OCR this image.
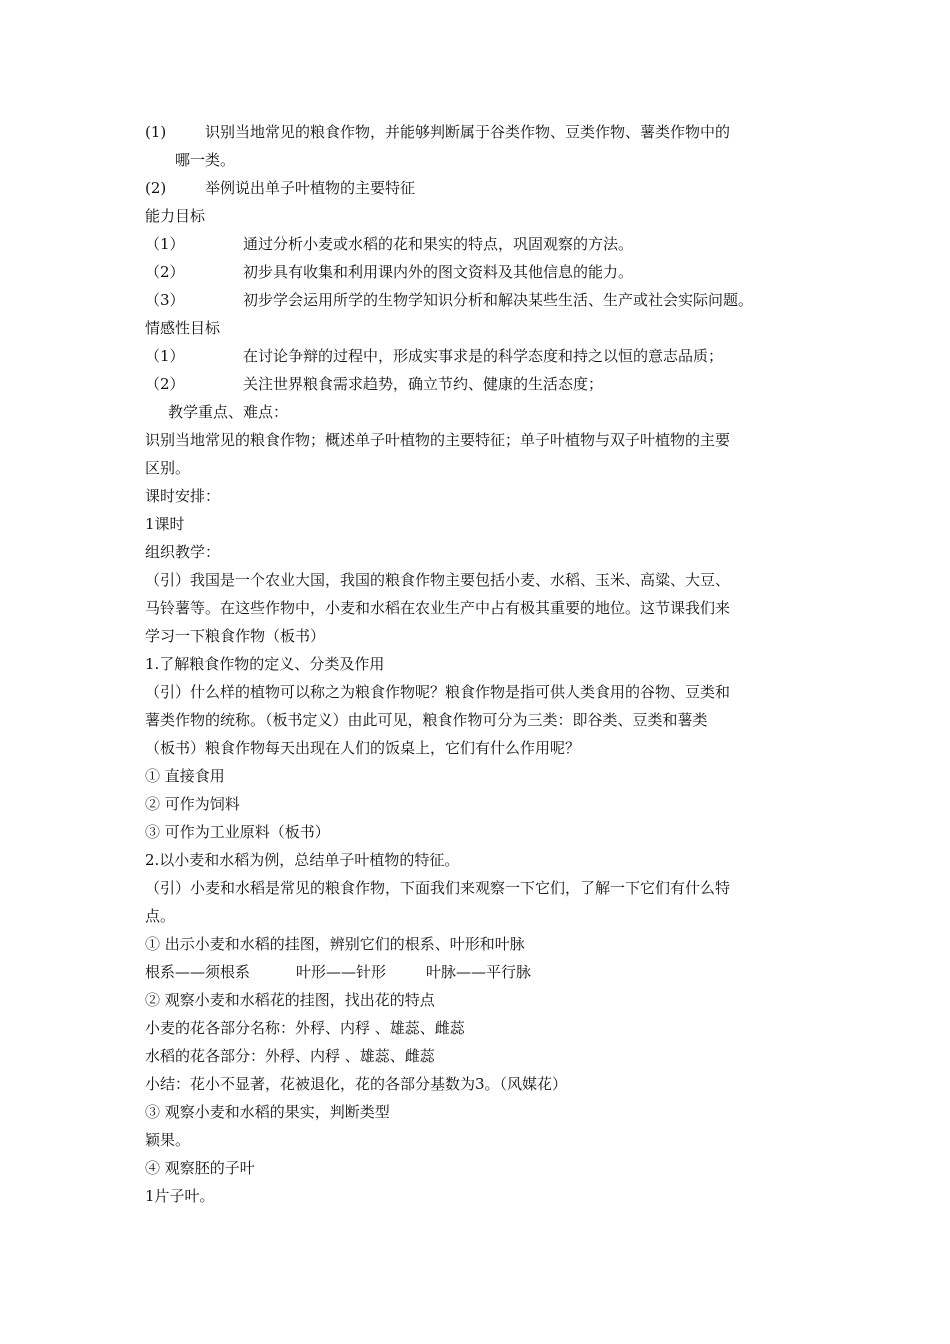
(1)	识别当地常见的粮食作物，并能够判断属于谷类作物、豆类作物、薯类作物中的
哪一类。
(2)	举例说出单子叶植物的主要特征
能力目标
（1）	通过分析小麦或水稻的花和果实的特点，巩固观察的方法。
（2）	初步具有收集和利用课内外的图文资料及其他信息的能力。
（3）	初步学会运用所学的生物学知识分析和解决某些生活、生产或社会实际问题。
情感性目标
（1）	在讨论争辩的过程中，形成实事求是的科学态度和持之以恒的意志品质；
（2）	关注世界粮食需求趋势，确立节约、健康的生活态度；
教学重点、难点：
识别当地常见的粮食作物；概述单子叶植物的主要特征；单子叶植物与双子叶植物的主要
区别。
课时安排：
1课时
组织教学：
（引）我国是一个农业大国，我国的粮食作物主要包括小麦、水稻、玉米、高粱、大豆、
马铃薯等。在这些作物中，小麦和水稻在农业生产中占有极其重要的地位。这节课我们来
学习一下粮食作物（板书）
1.了解粮食作物的定义、分类及作用
（引）什么样的植物可以称之为粮食作物呢？粮食作物是指可供人类食用的谷物、豆类和
薯类作物的统称。（板书定义）由此可见，粮食作物可分为三类：即谷类、豆类和薯类
（板书）粮食作物每天出现在人们的饭桌上，它们有什么作用呢？
① 直接食用
② 可作为饲料
③ 可作为工业原料（板书）
2.以小麦和水稻为例，总结单子叶植物的特征。
（引）小麦和水稻是常见的粮食作物，下面我们来观察一下它们，了解一下它们有什么特
点。
① 出示小麦和水稻的挂图，辨别它们的根系、叶形和叶脉
根系——须根系	叶形——针形	叶脉——平行脉
② 观察小麦和水稻花的挂图，找出花的特点
小麦的花各部分名称：外稃、内稃 、雄蕊、雌蕊
水稻的花各部分：外稃、内稃 、雄蕊、雌蕊
小结：花小不显著，花被退化，花的各部分基数为3。（风媒花）
③ 观察小麦和水稻的果实，判断类型
颖果。
④ 观察胚的子叶
1片子叶。
